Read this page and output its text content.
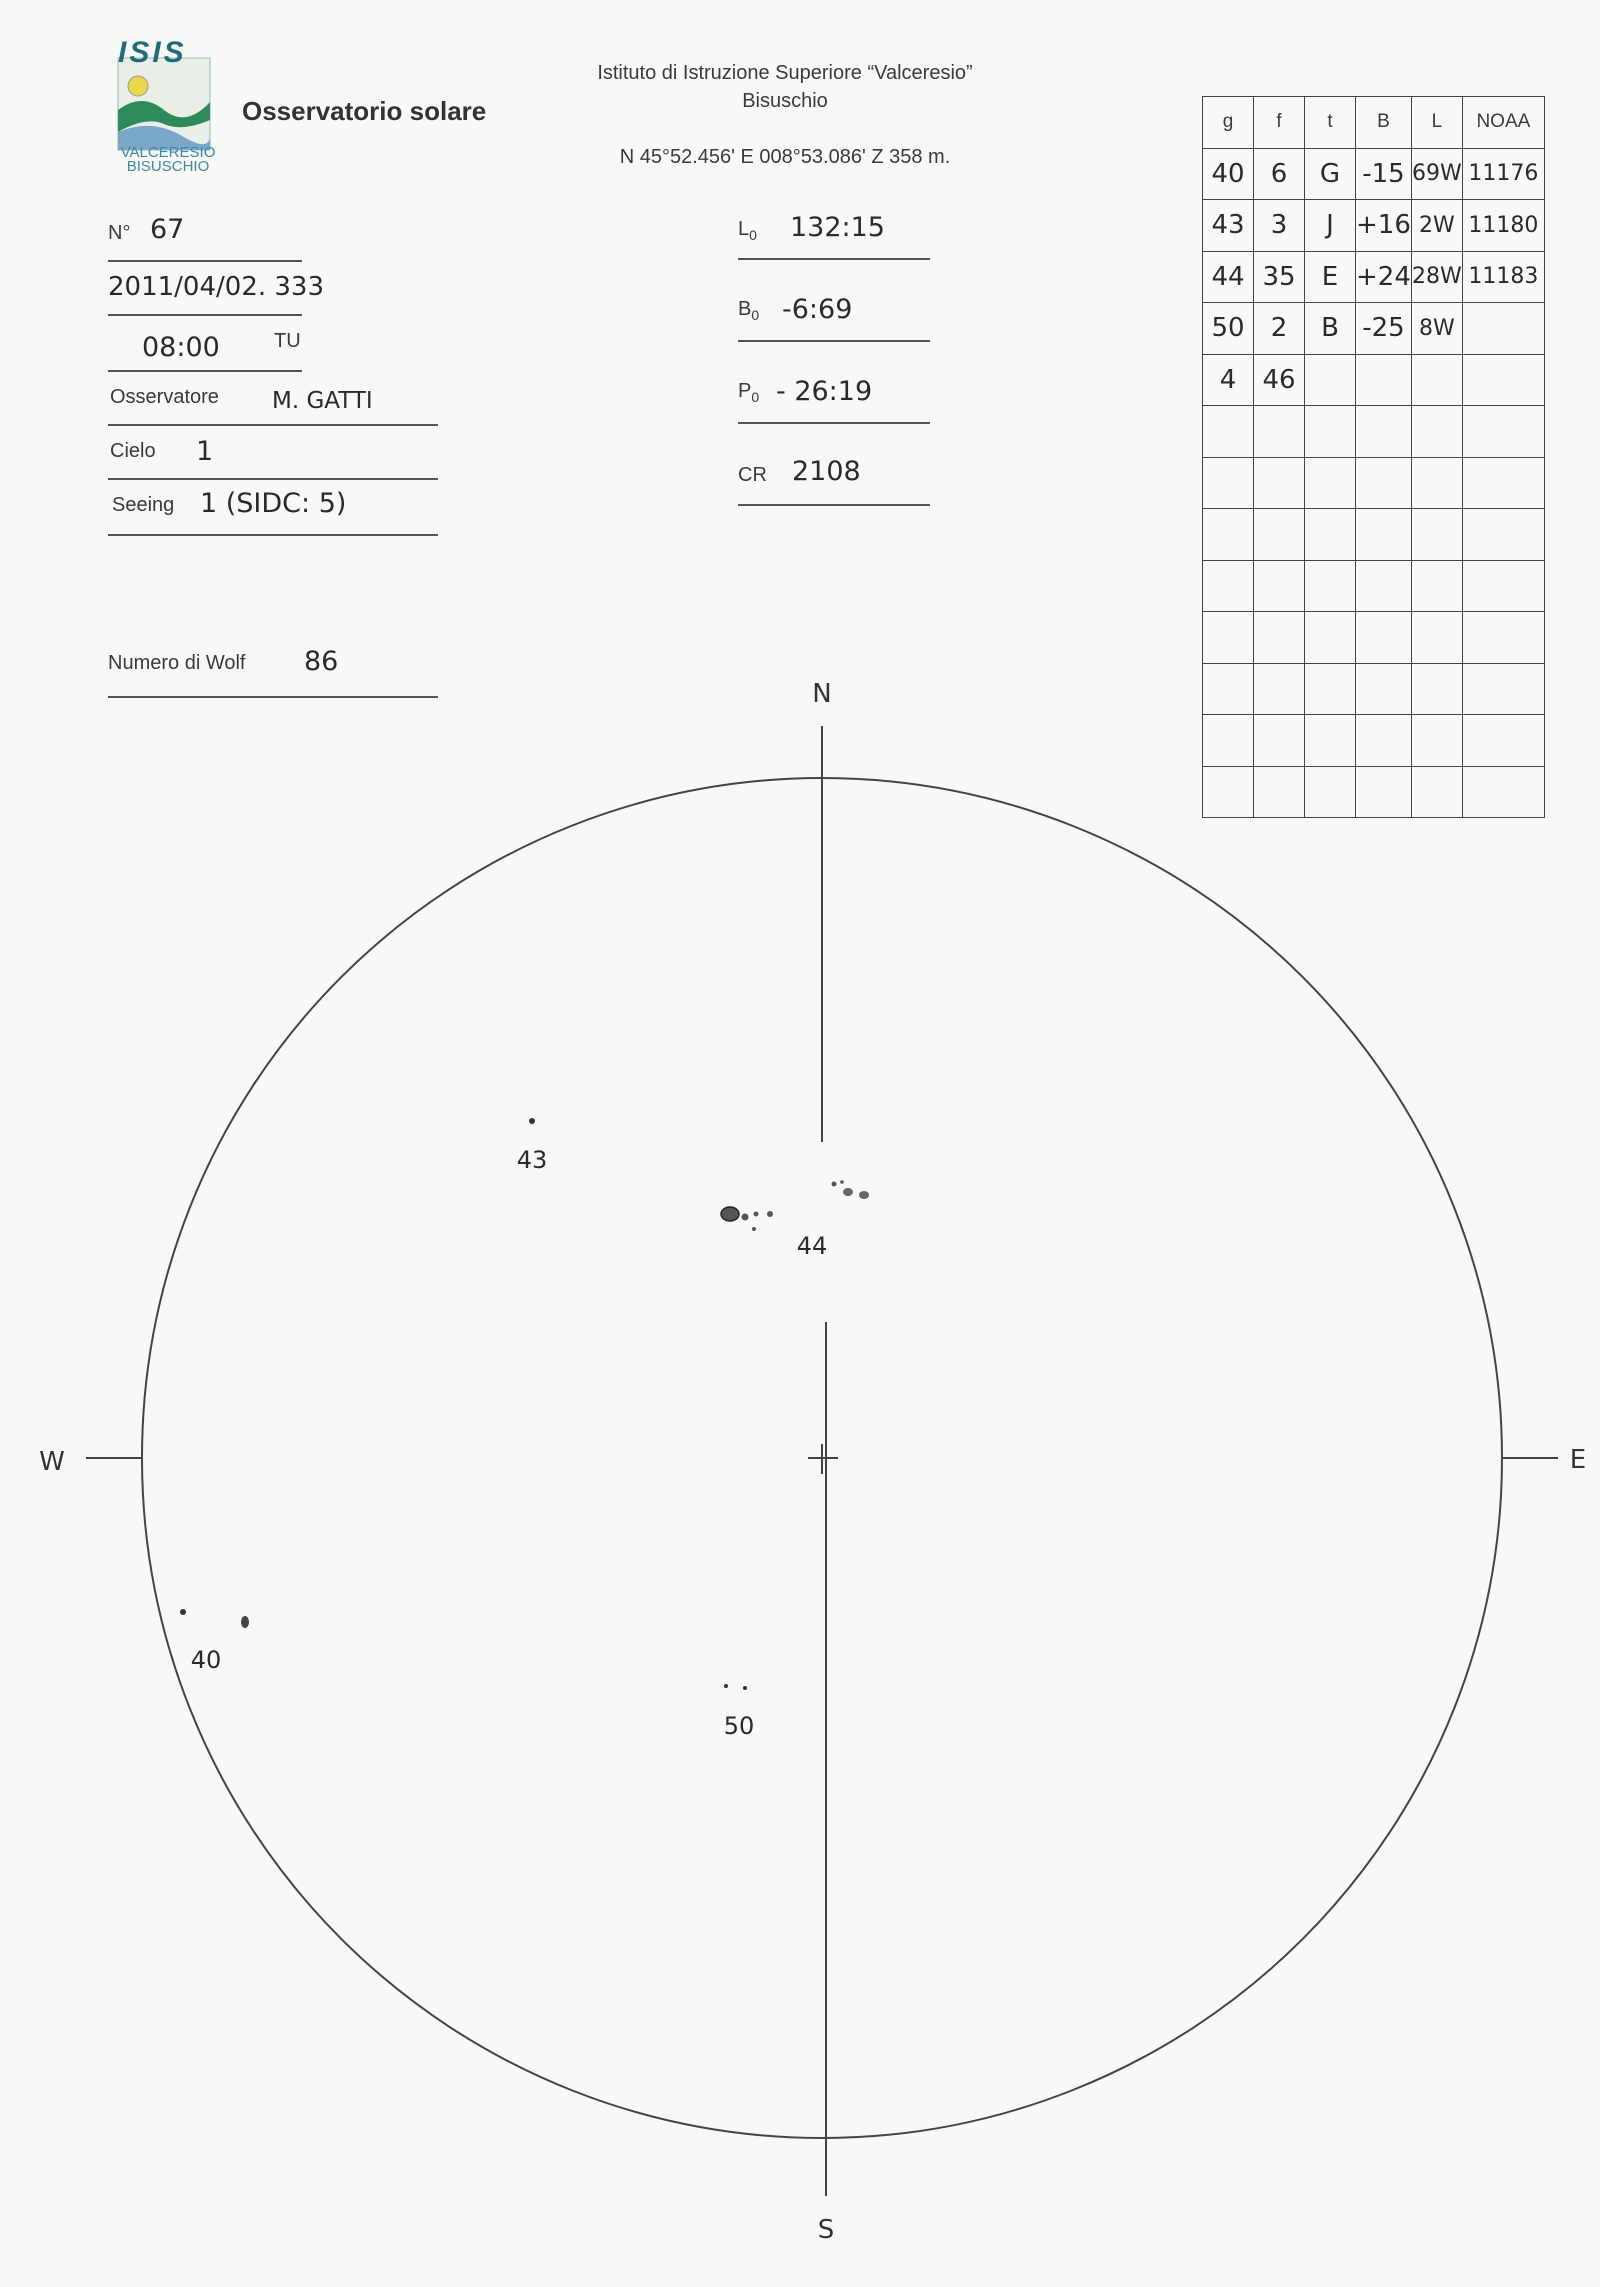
ISIS
VALCERESIO
BISUSCHIO
Osservatorio solare
Istituto di Istruzione Superiore “Valceresio”
Bisuschio
N 45°52.456' E 008°53.086' Z 358 m.
N° 67
2011/04/02. 333
08:00	TU
Osservatore M. GATTI
Cielo 1
Seeing 1 (SIDC: 5)
Numero di Wolf 86
$L_0$ 132:15
$B_0$ -6:69
$P_0$ - 26:19
CR 2108
g	f	t	B	L	NOAA
40	6	G	-15	69W	11176
43	3	J	+16	2W	11180
44	35	E	+24	28W	11183
50	2	B	-25	8W	
4	46				

N
S
W	E
43
44
40
50
